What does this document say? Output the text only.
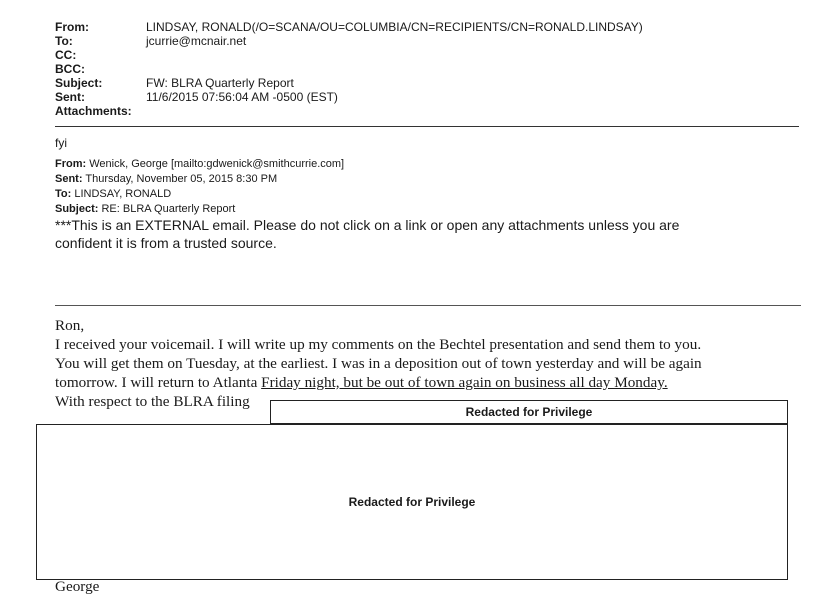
From:	LINDSAY, RONALD(/O=SCANA/OU=COLUMBIA/CN=RECIPIENTS/CN=RONALD.LINDSAY)
To:	jcurrie@mcnair.net
CC:
BCC:
Subject:	FW: BLRA Quarterly Report
Sent:	11/6/2015 07:56:04 AM -0500 (EST)
Attachments:
fyi
From: Wenick, George [mailto:gdwenick@smithcurrie.com]
Sent: Thursday, November 05, 2015 8:30 PM
To: LINDSAY, RONALD
Subject: RE: BLRA Quarterly Report
***This is an EXTERNAL email. Please do not click on a link or open any attachments unless you are
confident it is from a trusted source.
Ron,
I received your voicemail. I will write up my comments on the Bechtel presentation and send them to you.
You will get them on Tuesday, at the earliest. I was in a deposition out of town yesterday and will be again
tomorrow. I will return to Atlanta Friday night, but be out of town again on business all day Monday.
With respect to the BLRA filing
Redacted for Privilege
Redacted for Privilege
George
